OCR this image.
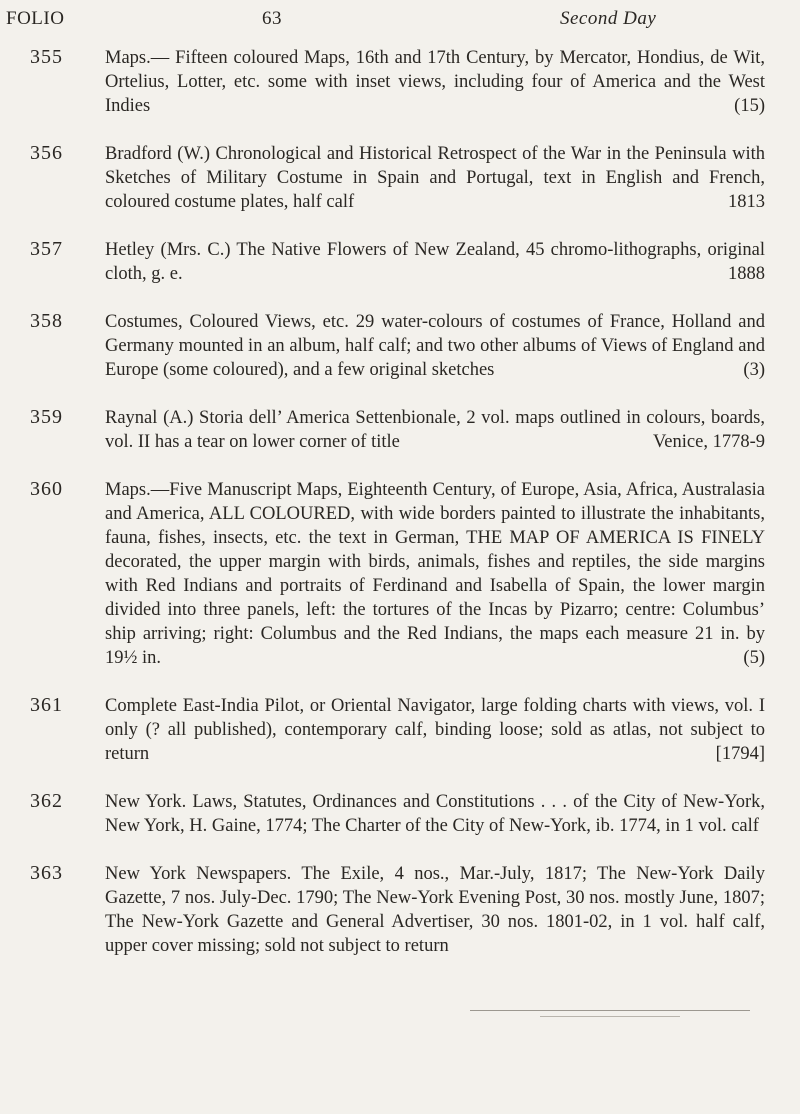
FOLIO	63	Second Day
355 Maps.— Fifteen coloured Maps, 16th and 17th Century, by Mercator, Hondius, de Wit, Ortelius, Lotter, etc. some with inset views, including four of America and the West Indies	(15)

356 Bradford (W.) Chronological and Historical Retrospect of the War in the Peninsula with Sketches of Military Costume in Spain and Portugal, text in English and French, coloured costume plates, half calf	1813

357 Hetley (Mrs. C.) The Native Flowers of New Zealand, 45 chromo-lithographs, original cloth, g. e.	1888

358 Costumes, Coloured Views, etc. 29 water-colours of costumes of France, Holland and Germany mounted in an album, half calf; and two other albums of Views of England and Europe (some coloured), and a few original sketches	(3)

359 Raynal (A.) Storia dell’ America Settenbionale, 2 vol. maps outlined in colours, boards, vol. II has a tear on lower corner of title	Venice, 1778-9

360 Maps.—Five Manuscript Maps, Eighteenth Century, of Europe, Asia, Africa, Australasia and America, ALL COLOURED, with wide borders painted to illustrate the inhabitants, fauna, fishes, insects, etc. the text in German, THE MAP OF AMERICA IS FINELY decorated, the upper margin with birds, animals, fishes and reptiles, the side margins with Red Indians and portraits of Ferdinand and Isabella of Spain, the lower margin divided into three panels, left: the tortures of the Incas by Pizarro; centre: Columbus’ ship arriving; right: Columbus and the Red Indians, the maps each measure 21 in. by 19½ in.	(5)

361 Complete East-India Pilot, or Oriental Navigator, large folding charts with views, vol. I only (? all published), contemporary calf, binding loose; sold as atlas, not subject to return	[1794]

362 New York. Laws, Statutes, Ordinances and Constitutions . . . of the City of New-York, New York, H. Gaine, 1774; The Charter of the City of New-York, ib. 1774, in 1 vol. calf

363 New York Newspapers. The Exile, 4 nos., Mar.-July, 1817; The New-York Daily Gazette, 7 nos. July-Dec. 1790; The New-York Evening Post, 30 nos. mostly June, 1807; The New-York Gazette and General Advertiser, 30 nos. 1801-02, in 1 vol. half calf, upper cover missing; sold not subject to return
